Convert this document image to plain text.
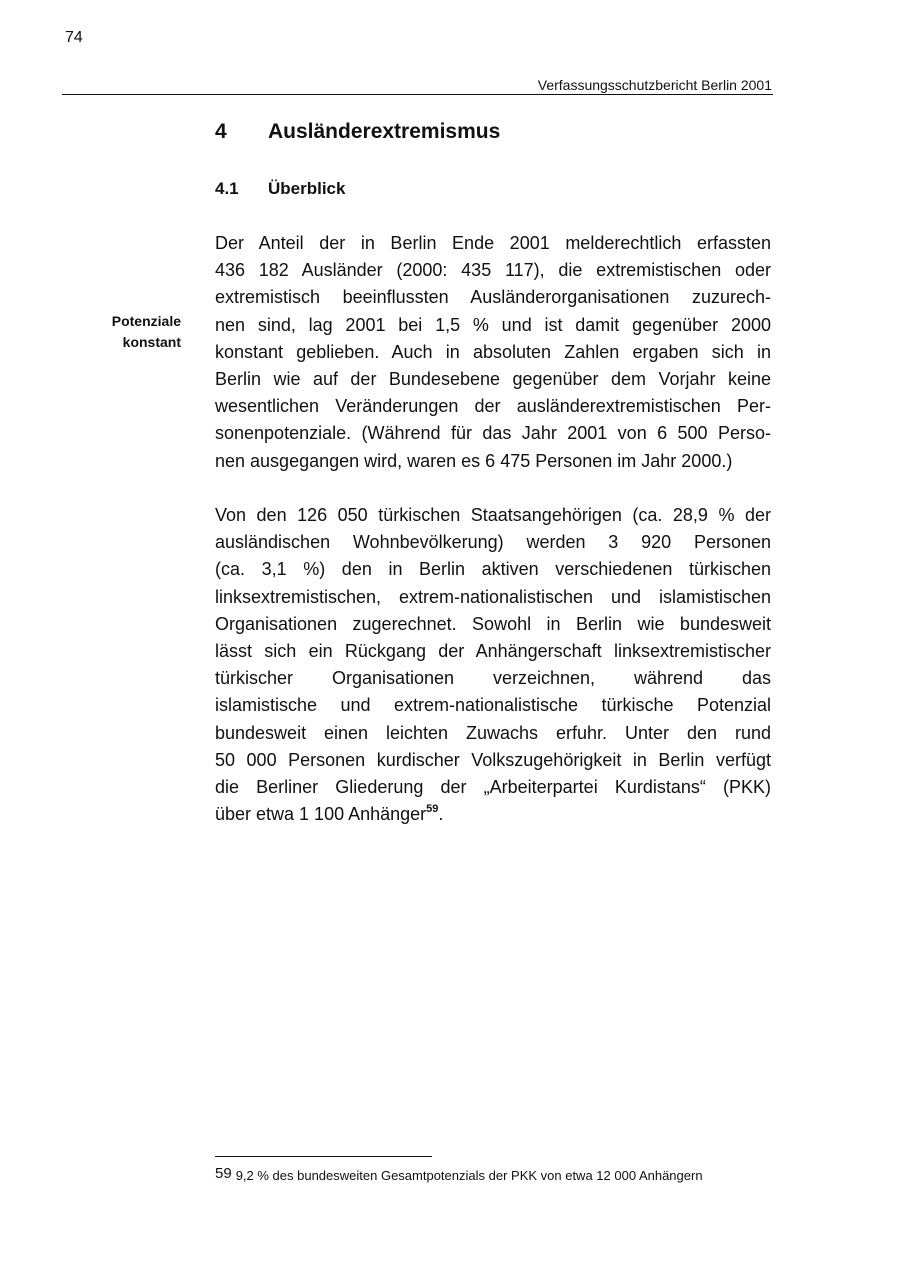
74
Verfassungsschutzbericht Berlin 2001
4 Ausländerextremismus
4.1 Überblick
Potenziale
konstant
Der Anteil der in Berlin Ende 2001 melderechtlich erfassten
436 182 Ausländer (2000: 435 117), die extremistischen oder
extremistisch beeinflussten Ausländerorganisationen zuzurech-
nen sind, lag 2001 bei 1,5 % und ist damit gegenüber 2000
konstant geblieben. Auch in absoluten Zahlen ergaben sich in
Berlin wie auf der Bundesebene gegenüber dem Vorjahr keine
wesentlichen Veränderungen der ausländerextremistischen Per-
sonenpotenziale. (Während für das Jahr 2001 von 6 500 Perso-
nen ausgegangen wird, waren es 6 475 Personen im Jahr 2000.)
Von den 126 050 türkischen Staatsangehörigen (ca. 28,9 % der
ausländischen Wohnbevölkerung) werden 3 920 Personen
(ca. 3,1 %) den in Berlin aktiven verschiedenen türkischen
linksextremistischen, extrem-nationalistischen und islamistischen
Organisationen zugerechnet. Sowohl in Berlin wie bundesweit
lässt sich ein Rückgang der Anhängerschaft linksextremistischer
türkischer Organisationen verzeichnen, während das
islamistische und extrem-nationalistische türkische Potenzial
bundesweit einen leichten Zuwachs erfuhr. Unter den rund
50 000 Personen kurdischer Volkszugehörigkeit in Berlin verfügt
die Berliner Gliederung der „Arbeiterpartei Kurdistans“ (PKK)
über etwa 1 100 Anhänger$^{59}$.
59 9,2 % des bundesweiten Gesamtpotenzials der PKK von etwa 12 000 Anhängern
